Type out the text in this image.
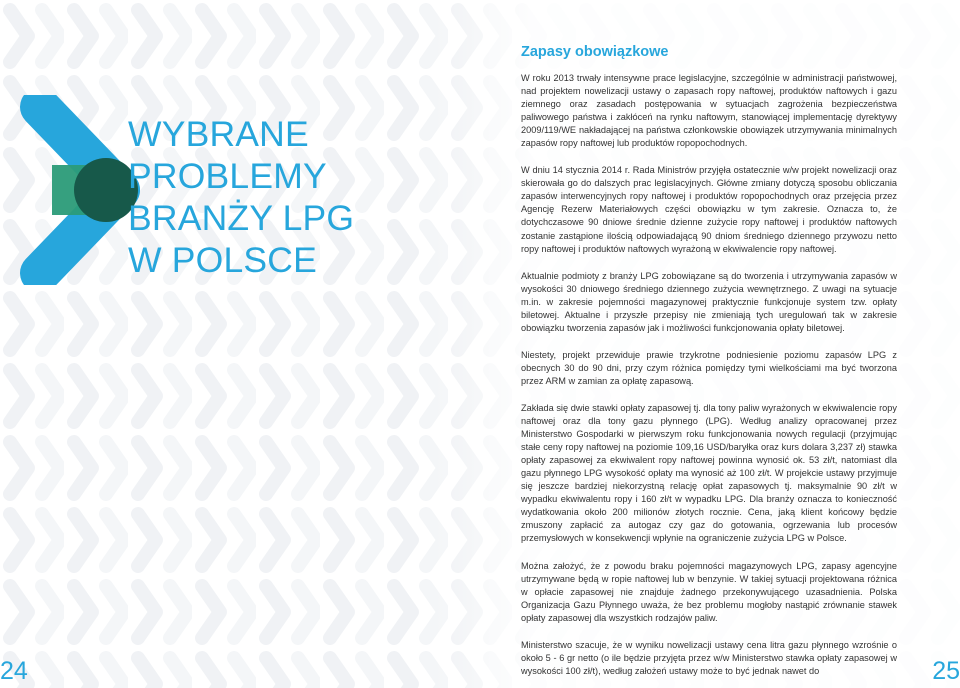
WYBRANE
PROBLEMY
BRANŻY LPG
W POLSCE
Zapasy obowiązkowe

W roku 2013 trwały intensywne prace legislacyjne, szczególnie w administracji państwowej, nad projektem nowelizacji ustawy o zapasach ropy naftowej, produktów naftowych i gazu ziemnego oraz zasadach postępowania w sytuacjach zagrożenia bezpieczeństwa paliwowego państwa i zakłóceń na rynku naftowym, stanowiącej implementację dyrektywy 2009/119/WE nakładającej na państwa członkowskie obowiązek utrzymywania minimalnych zapasów ropy naftowej lub produktów ropopochodnych.

W dniu 14 stycznia 2014 r. Rada Ministrów przyjęła ostatecznie w/w projekt nowelizacji oraz skierowała go do dalszych prac legislacyjnych. Główne zmiany dotyczą sposobu obliczania zapasów interwencyjnych ropy naftowej i produktów ropopochodnych oraz przejęcia przez Agencję Rezerw Materiałowych części obowiązku w tym zakresie. Oznacza to, że dotychczasowe 90 dniowe średnie dzienne zużycie ropy naftowej i produktów naftowych zostanie zastąpione ilością odpowiadającą 90 dniom średniego dziennego przywozu netto ropy naftowej i produktów naftowych wyrażoną w ekwiwalencie ropy naftowej.

Aktualnie podmioty z branży LPG zobowiązane są do tworzenia i utrzymywania zapasów w wysokości 30 dniowego średniego dziennego zużycia wewnętrznego. Z uwagi na sytuacje m.in. w zakresie pojemności magazynowej praktycznie funkcjonuje system tzw. opłaty biletowej. Aktualne i przyszłe przepisy nie zmieniają tych uregulowań tak w zakresie obowiązku tworzenia zapasów jak i możliwości funkcjonowania opłaty biletowej.

Niestety, projekt przewiduje prawie trzykrotne podniesienie poziomu zapasów LPG z obecnych 30 do 90 dni, przy czym różnica pomiędzy tymi wielkościami ma być tworzona przez ARM w zamian za opłatę zapasową.

Zakłada się dwie stawki opłaty zapasowej tj. dla tony paliw wyrażonych w ekwiwalencie ropy naftowej oraz dla tony gazu płynnego (LPG). Według analizy opracowanej przez Ministerstwo Gospodarki w pierwszym roku funkcjonowania nowych regulacji (przyjmując stałe ceny ropy naftowej na poziomie 109,16 USD/baryłka oraz kurs dolara 3,237 zł) stawka opłaty zapasowej za ekwiwalent ropy naftowej powinna wynosić ok. 53 zł/t, natomiast dla gazu płynnego LPG wysokość opłaty ma wynosić aż 100 zł/t. W projekcie ustawy przyjmuje się jeszcze bardziej niekorzystną relację opłat zapasowych tj. maksymalnie 90 zł/t w wypadku ekwiwalentu ropy i 160 zł/t w wypadku LPG. Dla branży oznacza to konieczność wydatkowania około 200 milionów złotych rocznie. Cena, jaką klient końcowy będzie zmuszony zapłacić za autogaz czy gaz do gotowania, ogrzewania lub procesów przemysłowych w konsekwencji wpłynie na ograniczenie zużycia LPG w Polsce.

Można założyć, że z powodu braku pojemności magazynowych LPG, zapasy agencyjne utrzymywane będą w ropie naftowej lub w benzynie. W takiej sytuacji projektowana różnica w opłacie zapasowej nie znajduje żadnego przekonywującego uzasadnienia. Polska Organizacja Gazu Płynnego uważa, że bez problemu mogłoby nastąpić zrównanie stawek opłaty zapasowej dla wszystkich rodzajów paliw.

Ministerstwo szacuje, że w wyniku nowelizacji ustawy cena litra gazu płynnego wzrośnie o około 5 - 6 gr netto (o ile będzie przyjęta przez w/w Ministerstwo stawka opłaty zapasowej w wysokości 100 zł/t), według założeń ustawy może to być jednak nawet do

24	25
